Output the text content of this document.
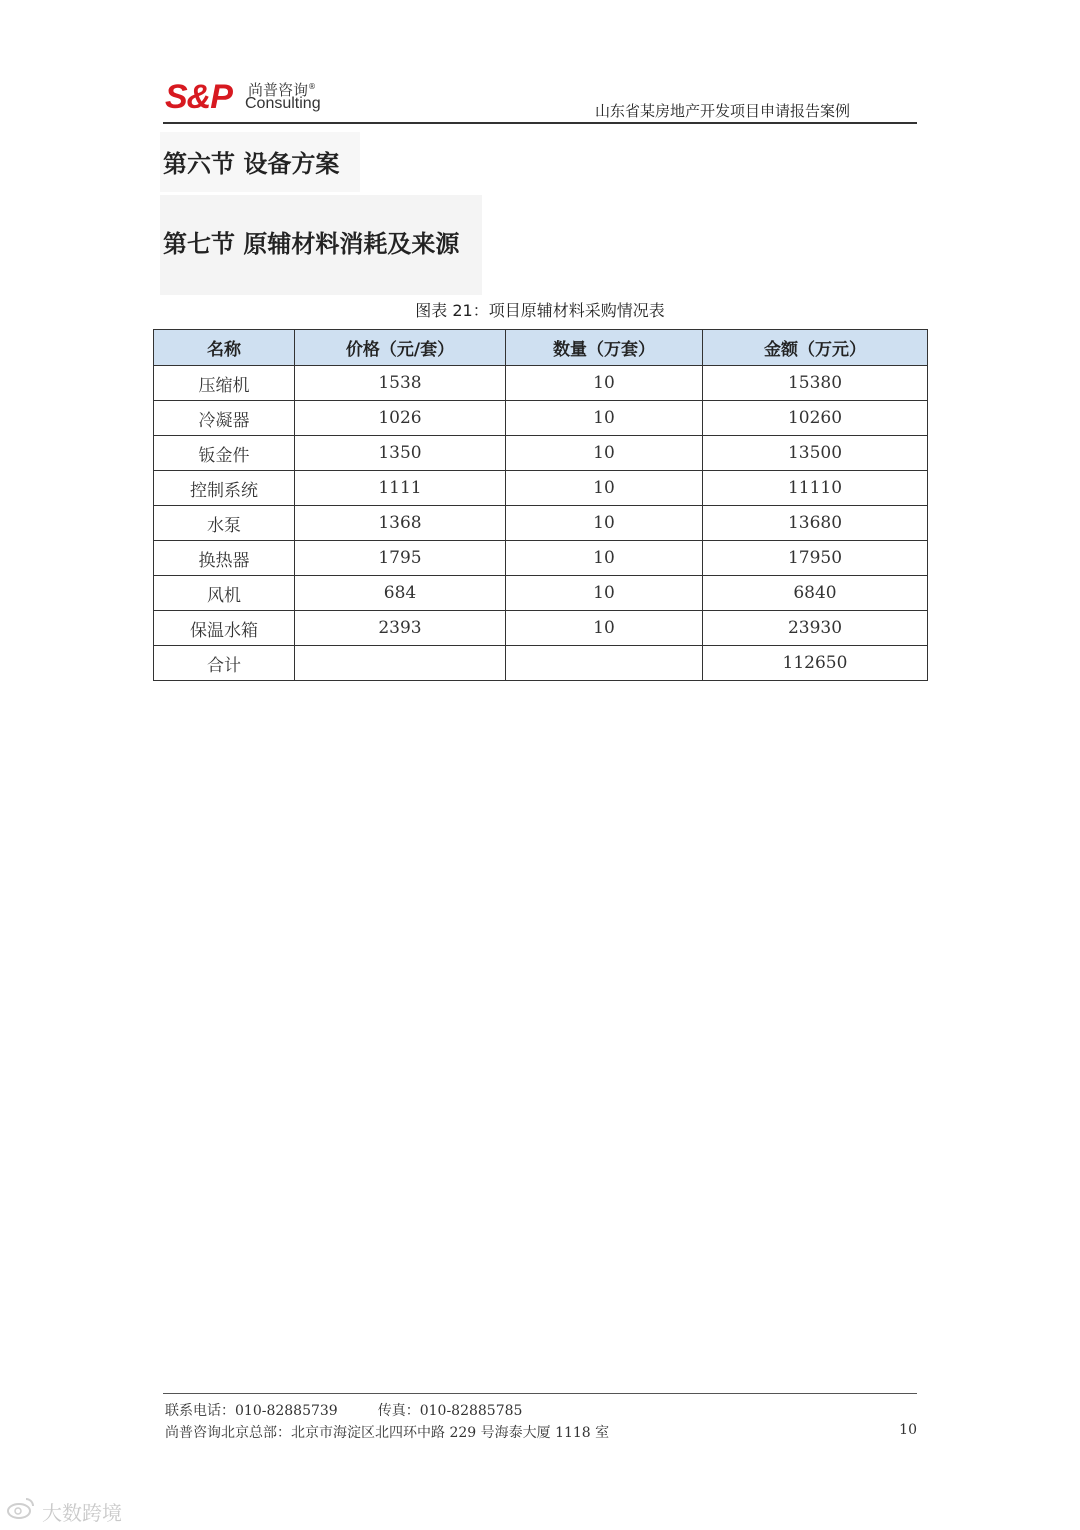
S&P 尚普咨询®
Consulting	山东省某房地产开发项目申请报告案例
第六节 设备方案
第七节 原辅材料消耗及来源
图表 21：项目原辅材料采购情况表
名称	价格（元/套）	数量（万套）	金额（万元）
压缩机	1538	10	15380
冷凝器	1026	10	10260
钣金件	1350	10	13500
控制系统	1111	10	11110
水泵	1368	10	13680
换热器	1795	10	17950
风机	684	10	6840
保温水箱	2393	10	23930
合计			112650
联系电话：010-82885739	传真：010-82885785
尚普咨询北京总部：北京市海淀区北四环中路 229 号海泰大厦 1118 室	10
大数跨境
